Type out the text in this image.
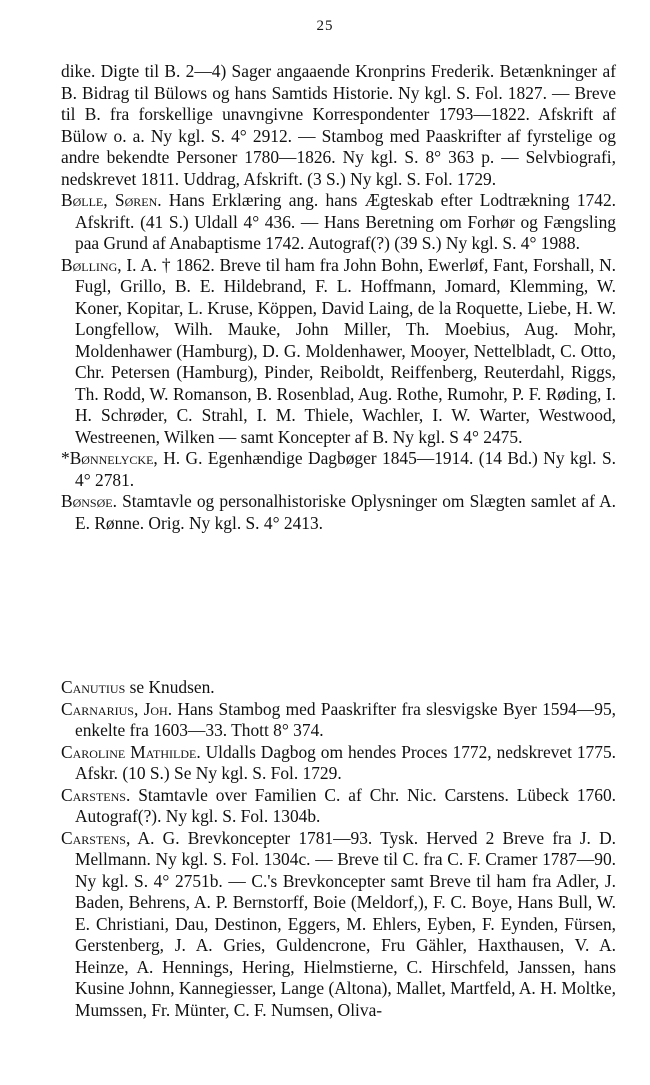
25
dike. Digte til B. 2—4) Sager angaaende Kronprins Frederik. Betænkninger af B. Bidrag til Bülows og hans Samtids Historie. Ny kgl. S. Fol. 1827. — Breve til B. fra forskellige unavngivne Korrespondenter 1793—1822. Afskrift af Bülow o. a. Ny kgl. S. 4° 2912. — Stambog med Paaskrifter af fyrstelige og andre bekendte Personer 1780—1826. Ny kgl. S. 8° 363 p. — Selvbiografi, nedskrevet 1811. Uddrag, Afskrift. (3 S.) Ny kgl. S. Fol. 1729.
Bølle, Søren. Hans Erklæring ang. hans Ægteskab efter Lodtrækning 1742. Afskrift. (41 S.) Uldall 4° 436. — Hans Beretning om Forhør og Fængsling paa Grund af Anabaptisme 1742. Autograf(?) (39 S.) Ny kgl. S. 4° 1988.
Bølling, I. A. † 1862. Breve til ham fra John Bohn, Ewerløf, Fant, Forshall, N. Fugl, Grillo, B. E. Hildebrand, F. L. Hoffmann, Jomard, Klemming, W. Koner, Kopitar, L. Kruse, Köppen, David Laing, de la Roquette, Liebe, H. W. Longfellow, Wilh. Mauke, John Miller, Th. Moebius, Aug. Mohr, Moldenhawer (Hamburg), D. G. Moldenhawer, Mooyer, Nettelbladt, C. Otto, Chr. Petersen (Hamburg), Pinder, Reiboldt, Reiffenberg, Reuterdahl, Riggs, Th. Rodd, W. Romanson, B. Rosenblad, Aug. Rothe, Rumohr, P. F. Røding, I. H. Schrøder, C. Strahl, I. M. Thiele, Wachler, I. W. Warter, Westwood, Westreenen, Wilken — samt Koncepter af B. Ny kgl. S 4° 2475.
*Bønnelycke, H. G. Egenhændige Dagbøger 1845—1914. (14 Bd.) Ny kgl. S. 4° 2781.
Bønsøe. Stamtavle og personalhistoriske Oplysninger om Slægten samlet af A. E. Rønne. Orig. Ny kgl. S. 4° 2413.
Canutius se Knudsen.
Carnarius, Joh. Hans Stambog med Paaskrifter fra slesvigske Byer 1594—95, enkelte fra 1603—33. Thott 8° 374.
Caroline Mathilde. Uldalls Dagbog om hendes Proces 1772, nedskrevet 1775. Afskr. (10 S.) Se Ny kgl. S. Fol. 1729.
Carstens. Stamtavle over Familien C. af Chr. Nic. Carstens. Lübeck 1760. Autograf(?). Ny kgl. S. Fol. 1304b.
Carstens, A. G. Brevkoncepter 1781—93. Tysk. Herved 2 Breve fra J. D. Mellmann. Ny kgl. S. Fol. 1304c. — Breve til C. fra C. F. Cramer 1787—90. Ny kgl. S. 4° 2751b. — C.'s Brevkoncepter samt Breve til ham fra Adler, J. Baden, Behrens, A. P. Bernstorff, Boie (Meldorf,), F. C. Boye, Hans Bull, W. E. Christiani, Dau, Destinon, Eggers, M. Ehlers, Eyben, F. Eynden, Fürsen, Gerstenberg, J. A. Gries, Guldencrone, Fru Gähler, Haxthausen, V. A. Heinze, A. Hennings, Hering, Hielmstierne, C. Hirschfeld, Janssen, hans Kusine Johnn, Kannegiesser, Lange (Altona), Mallet, Martfeld, A. H. Moltke, Mumssen, Fr. Münter, C. F. Numsen, Oliva-
